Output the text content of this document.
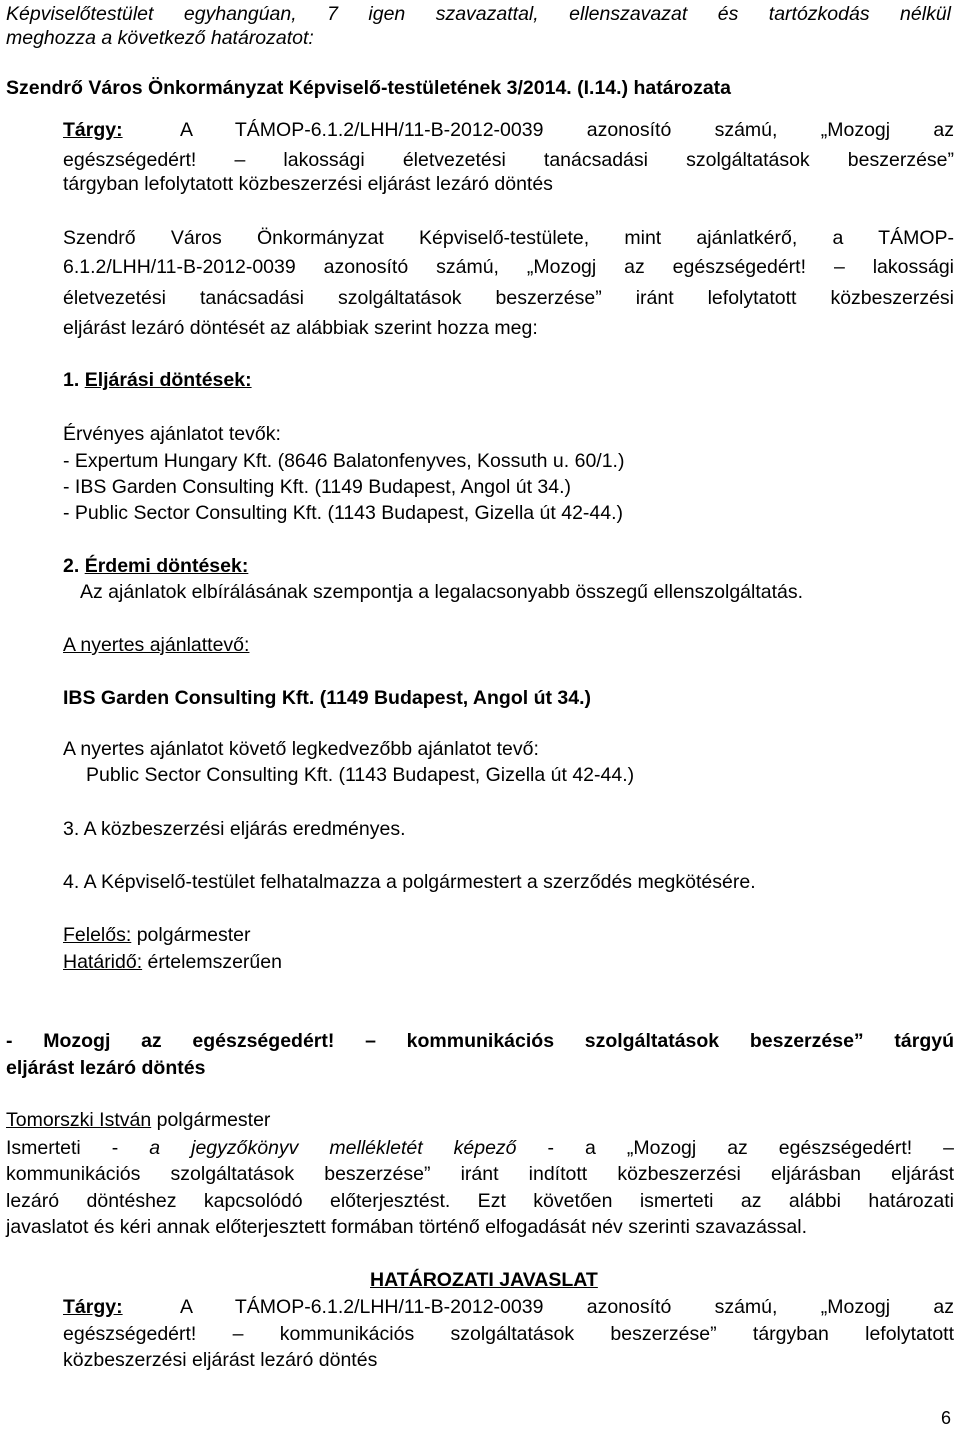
Képviselőtestület egyhangúan, 7 igen szavazattal, ellenszavazat és tartózkodás nélkül

meghozza a következő határozatot:

Szendrő Város Önkormányzat Képviselő-testületének 3/2014. (I.14.) határozata

Tárgy:	A TÁMOP-6.1.2/LHH/11-B-2012-0039 azonosító számú, „Mozogj az

egészségedért! – lakossági életvezetési tanácsadási szolgáltatások beszerzése”

tárgyban lefolytatott közbeszerzési eljárást lezáró döntés

Szendrő Város Önkormányzat Képviselő-testülete, mint ajánlatkérő, a TÁMOP-

6.1.2/LHH/11-B-2012-0039 azonosító számú, „Mozogj az egészségedért! – lakossági

életvezetési tanácsadási szolgáltatások beszerzése” iránt lefolytatott közbeszerzési

eljárást lezáró döntését az alábbiak szerint hozza meg:

1. Eljárási döntések:

Érvényes ajánlatot tevők:

- Expertum Hungary Kft. (8646 Balatonfenyves, Kossuth u. 60/1.)

- IBS Garden Consulting Kft. (1149 Budapest, Angol út 34.)

- Public Sector Consulting Kft. (1143 Budapest, Gizella út 42-44.)

2. Érdemi döntések:

Az ajánlatok elbírálásának szempontja a legalacsonyabb összegű ellenszolgáltatás.

A nyertes ajánlattevő:

IBS Garden Consulting Kft. (1149 Budapest, Angol út 34.)

A nyertes ajánlatot követő legkedvezőbb ajánlatot tevő:

Public Sector Consulting Kft. (1143 Budapest, Gizella út 42-44.)

3. A közbeszerzési eljárás eredményes.

4. A Képviselő-testület felhatalmazza a polgármestert a szerződés megkötésére.

Felelős: polgármester

Határidő: értelemszerűen

- Mozogj az egészségedért! – kommunikációs szolgáltatások beszerzése” tárgyú

eljárást lezáró döntés

Tomorszki István polgármester

Ismerteti - a jegyzőkönyv mellékletét képező - a „Mozogj az egészségedért! –

kommunikációs szolgáltatások beszerzése” iránt indított közbeszerzési eljárásban eljárást

lezáró döntéshez kapcsolódó előterjesztést. Ezt követően ismerteti az alábbi határozati

javaslatot és kéri annak előterjesztett formában történő elfogadását név szerinti szavazással.

HATÁROZATI JAVASLAT

Tárgy:	A TÁMOP-6.1.2/LHH/11-B-2012-0039 azonosító számú, „Mozogj az

egészségedért! – kommunikációs szolgáltatások beszerzése” tárgyban lefolytatott

közbeszerzési eljárást lezáró döntés

6
